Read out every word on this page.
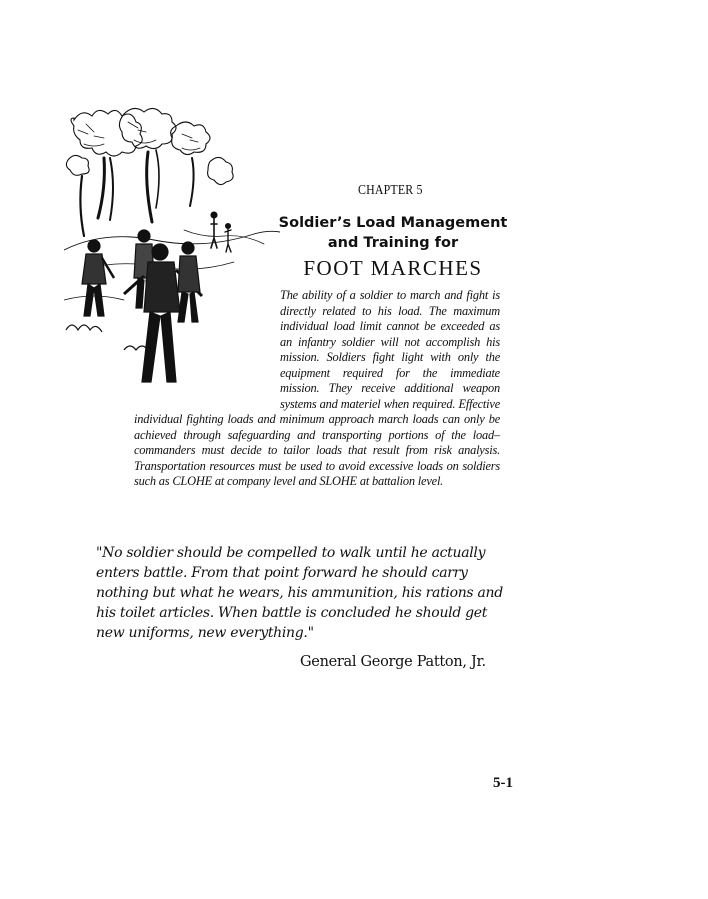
CHAPTER 5
Soldier’s Load Management
and Training for
FOOT MARCHES
The ability of a soldier to march and fight is directly related to his load. The maximum individual load limit cannot be exceeded as an infantry soldier will not accomplish his mission. Soldiers fight light with only the equipment required for the immediate mission. They receive additional weapon systems and materiel when required. Effective individual fighting loads and minimum approach march loads can only be achieved through safeguarding and transporting portions of the load–commanders must decide to tailor loads that result from risk analysis. Transportation resources must be used to avoid excessive loads on soldiers such as CLOHE at company level and SLOHE at battalion level.
"No soldier should be compelled to walk until he actually enters battle. From that point forward he should carry nothing but what he wears, his ammunition, his rations and his toilet articles. When battle is concluded he should get new uniforms, new everything."
General George Patton, Jr.
5-1
